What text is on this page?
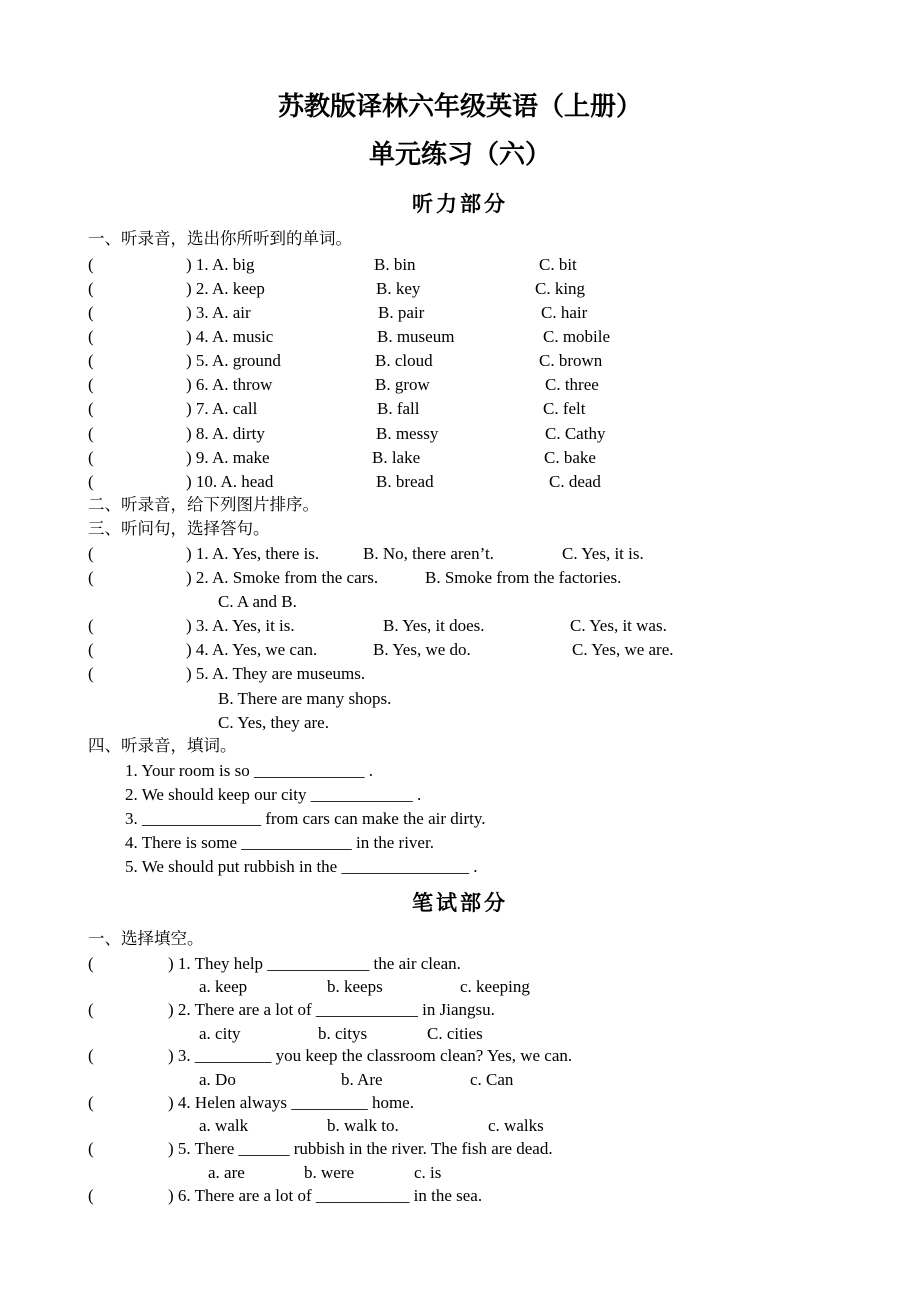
苏教版译林六年级英语（上册）
单元练习（六）
听力部分
一、听录音，选出你所听到的单词。
(	) 1. A. big	B. bin	C. bit
(	) 2. A. keep	B. key	C. king
(	) 3. A. air	B. pair	C. hair
(	) 4. A. music	B. museum	C. mobile
(	) 5. A. ground	B. cloud	C. brown
(	) 6. A. throw	B. grow	C. three
(	) 7. A. call	B. fall	C. felt
(	) 8. A. dirty	B. messy	C. Cathy
(	) 9. A. make	B. lake	C. bake
(	) 10. A. head	B. bread	C. dead
二、听录音，给下列图片排序。
三、听问句，选择答句。
(	) 1. A. Yes, there is.	B. No, there aren’t.	C. Yes, it is.
(	) 2. A. Smoke from the cars.	B. Smoke from the factories.
C. A and B.
(	) 3. A. Yes, it is.	B. Yes, it does.	C. Yes, it was.
(	) 4. A. Yes, we can.	B. Yes, we do.	C. Yes, we are.
(	) 5. A. They are museums.
B. There are many shops.
C. Yes, they are.
四、听录音，填词。
1. Your room is so _____________ .
2. We should keep our city ____________ .
3. ______________ from cars can make the air dirty.
4. There is some _____________ in the river.
5. We should put rubbish in the _______________ .
笔试部分
一、选择填空。
(	) 1. They help ____________ the air clean.
a. keep	b. keeps	c. keeping
(	) 2. There are a lot of ____________ in Jiangsu.
a. city	b. citys	C. cities
(	) 3. _________ you keep the classroom clean? Yes, we can.
a. Do	b. Are	c. Can
(	) 4. Helen always _________ home.
a. walk	b. walk to.	c. walks
(	) 5. There ______ rubbish in the river. The fish are dead.
a. are	b. were	c. is
(	) 6. There are a lot of ___________ in the sea.
